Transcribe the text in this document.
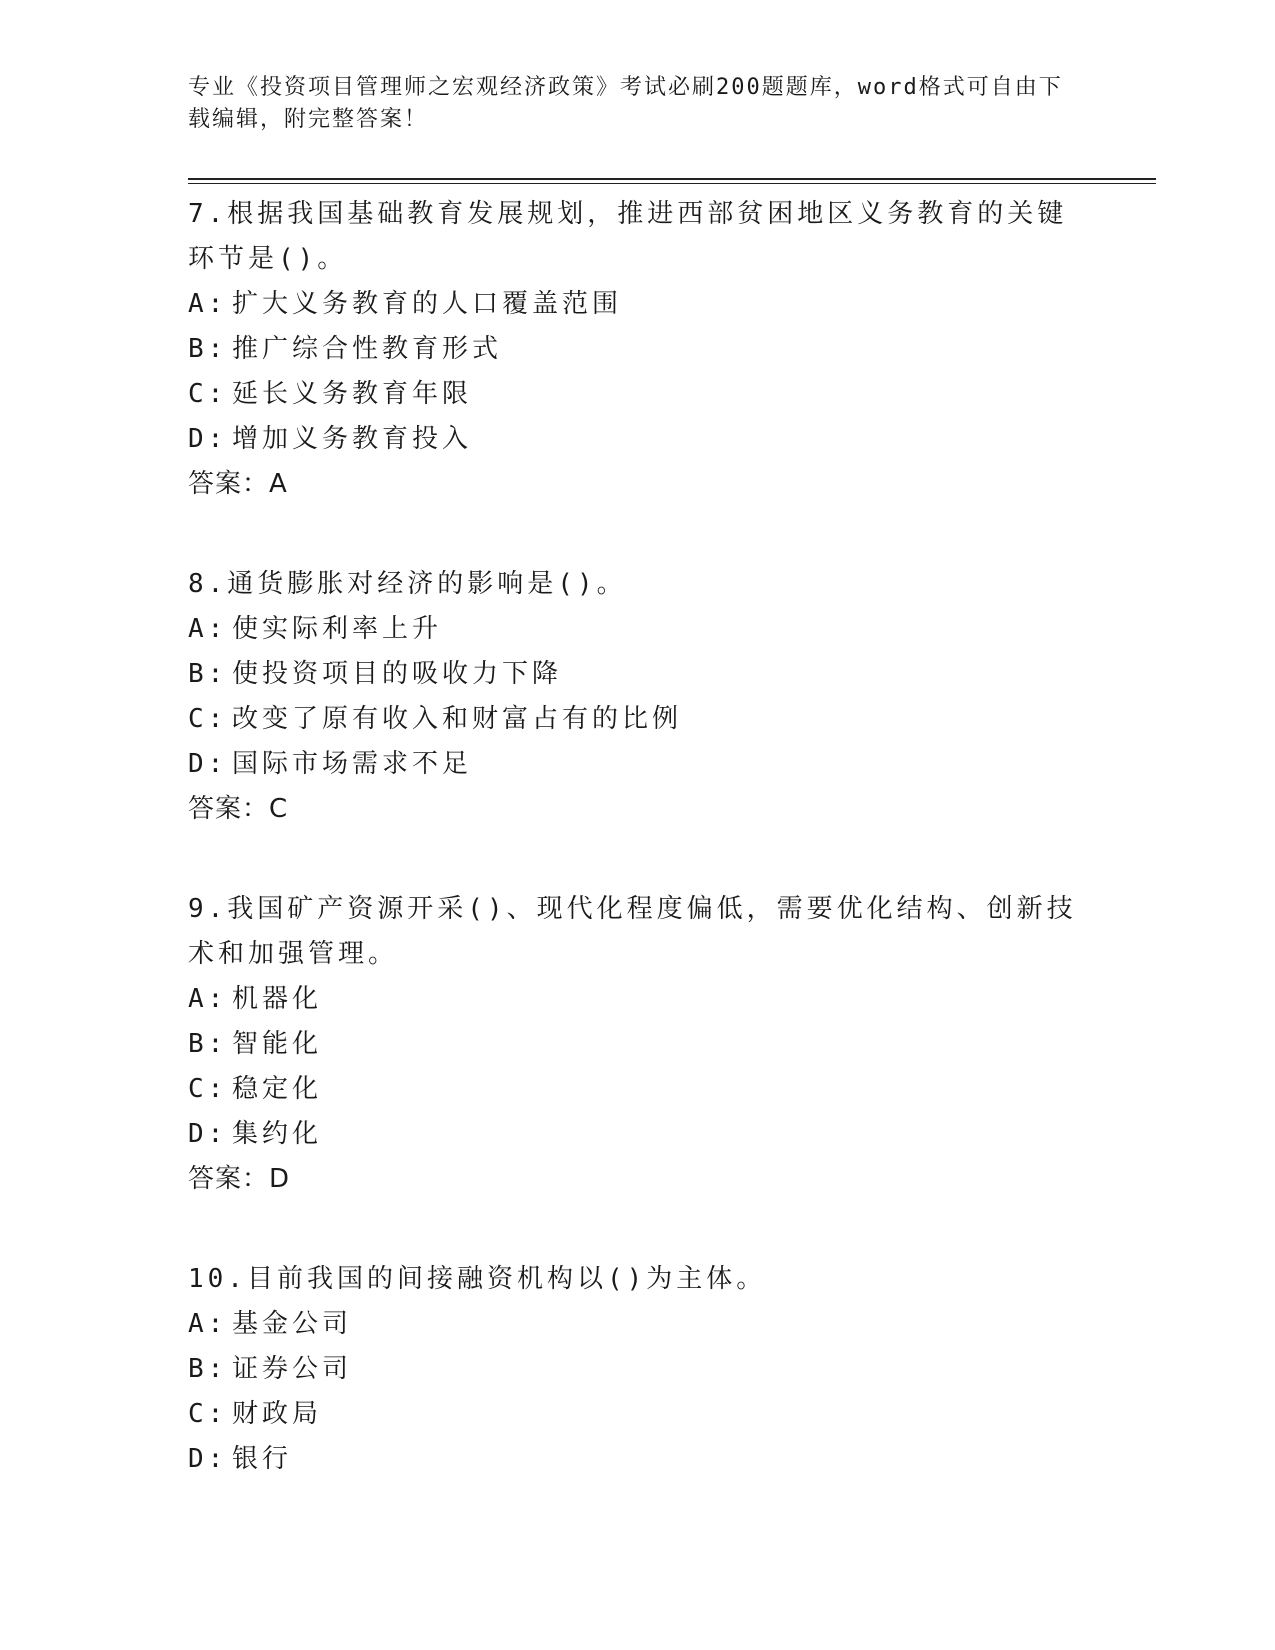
专业《投资项目管理师之宏观经济政策》考试必刷200题题库，word格式可自由下载编辑，附完整答案！

7.根据我国基础教育发展规划，推进西部贫困地区义务教育的关键环节是()。

A: 扩大义务教育的人口覆盖范围
B: 推广综合性教育形式
C: 延长义务教育年限
D: 增加义务教育投入
答案：A

8.通货膨胀对经济的影响是()。

A: 使实际利率上升
B: 使投资项目的吸收力下降
C: 改变了原有收入和财富占有的比例
D: 国际市场需求不足
答案：C

9.我国矿产资源开采()、现代化程度偏低，需要优化结构、创新技术和加强管理。

A: 机器化
B: 智能化
C: 稳定化
D: 集约化
答案：D

10.目前我国的间接融资机构以()为主体。

A: 基金公司
B: 证券公司
C: 财政局
D: 银行
